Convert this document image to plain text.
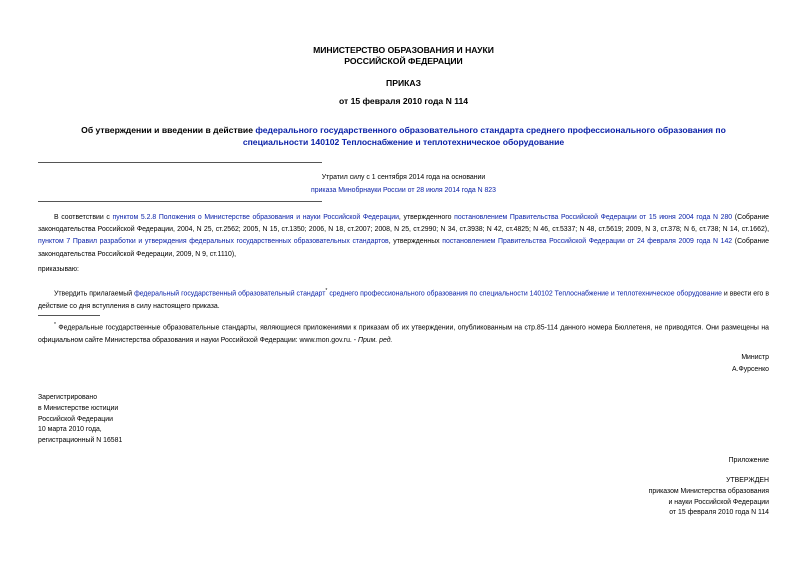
МИНИСТЕРСТВО ОБРАЗОВАНИЯ И НАУКИ
РОССИЙСКОЙ ФЕДЕРАЦИИ
ПРИКАЗ
от 15 февраля 2010 года N 114
Об утверждении и введении в действие федерального государственного образовательного стандарта среднего профессионального образования по
специальности 140102 Теплоснабжение и теплотехническое оборудование
Утратил силу с 1 сентября 2014 года на основании
приказа Минобрнауки России от 28 июля 2014 года N 823
В соответствии с пунктом 5.2.8 Положения о Министерстве образования и науки Российской Федерации, утвержденного постановлением Правительства Российской Федерации от 15 июня 2004 года N 280 (Собрание законодательства Российской Федерации, 2004, N 25, ст.2562; 2005, N 15, ст.1350; 2006, N 18, ст.2007; 2008, N 25, ст.2990; N 34, ст.3938; N 42, ст.4825; N 46, ст.5337; N 48, ст.5619; 2009, N 3, ст.378; N 6, ст.738; N 14, ст.1662), пунктом 7 Правил разработки и утверждения федеральных государственных образовательных стандартов, утвержденных постановлением Правительства Российской Федерации от 24 февраля 2009 года N 142 (Собрание законодательства Российской Федерации, 2009, N 9, ст.1110),
приказываю:
Утвердить прилагаемый федеральный государственный образовательный стандарт* среднего профессионального образования по специальности 140102 Теплоснабжение и теплотехническое оборудование и ввести его в действие со дня вступления в силу настоящего приказа.
* Федеральные государственные образовательные стандарты, являющиеся приложениями к приказам об их утверждении, опубликованным на стр.85-114 данного номера Бюллетеня, не приводятся. Они размещены на официальном сайте Министерства образования и науки Российской Федерации: www.mon.gov.ru. - Прим. ред.
Министр
А.Фурсенко
Зарегистрировано
в Министерстве юстиции
Российской Федерации
10 марта 2010 года,
регистрационный N 16581
Приложение
УТВЕРЖДЕН
приказом Министерства образования
и науки Российской Федерации
от 15 февраля 2010 года N 114
